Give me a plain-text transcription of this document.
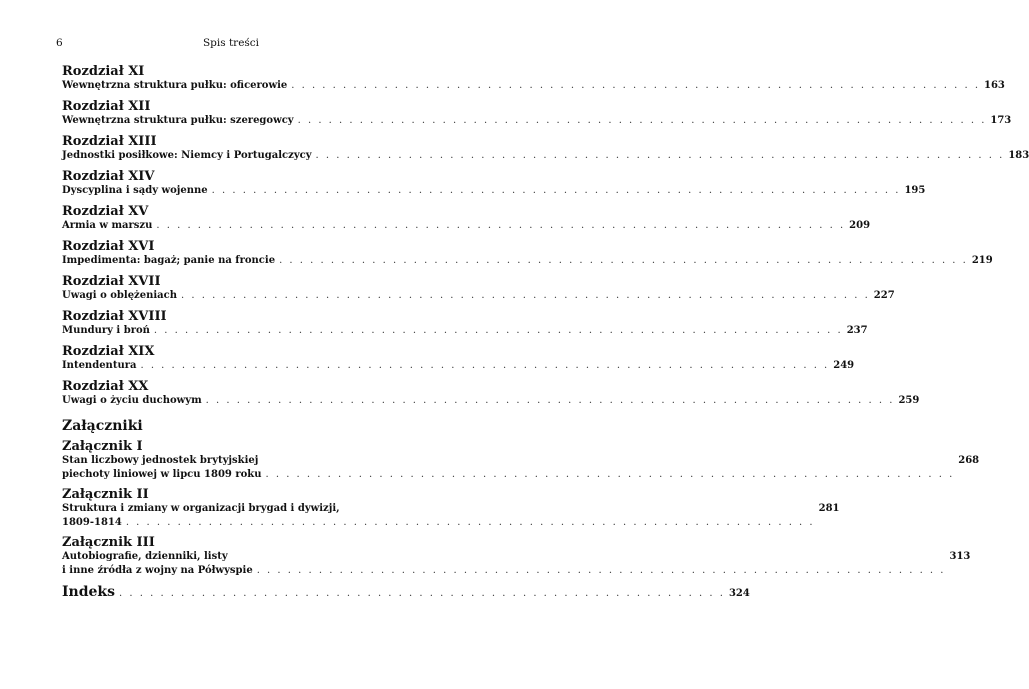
6	Spis treści
Rozdział XI
Wewnętrzna struktura pułku: oficerowie . . . . . . . . . . . . . . . . . . . . . . . . . . . . . . . . . . . . . . . . . . . . . . . . . . . . . . . . . . . . . . . . . . . 163
Rozdział XII
Wewnętrzna struktura pułku: szeregowcy . . . . . . . . . . . . . . . . . . . . . . . . . . . . . . . . . . . . . . . . . . . . . . . . . . . . . . . . . . . . . . . . . . . 173
Rozdział XIII
Jednostki posiłkowe: Niemcy i Portugalczycy . . . . . . . . . . . . . . . . . . . . . . . . . . . . . . . . . . . . . . . . . . . . . . . . . . . . . . . . . . . . . . . . . . . 183
Rozdział XIV
Dyscyplina i sądy wojenne . . . . . . . . . . . . . . . . . . . . . . . . . . . . . . . . . . . . . . . . . . . . . . . . . . . . . . . . . . . . . . . . . . . 195
Rozdział XV
Armia w marszu . . . . . . . . . . . . . . . . . . . . . . . . . . . . . . . . . . . . . . . . . . . . . . . . . . . . . . . . . . . . . . . . . . . 209
Rozdział XVI
Impedimenta: bagaż; panie na froncie . . . . . . . . . . . . . . . . . . . . . . . . . . . . . . . . . . . . . . . . . . . . . . . . . . . . . . . . . . . . . . . . . . . 219
Rozdział XVII
Uwagi o oblężeniach . . . . . . . . . . . . . . . . . . . . . . . . . . . . . . . . . . . . . . . . . . . . . . . . . . . . . . . . . . . . . . . . . . . 227
Rozdział XVIII
Mundury i broń . . . . . . . . . . . . . . . . . . . . . . . . . . . . . . . . . . . . . . . . . . . . . . . . . . . . . . . . . . . . . . . . . . . 237
Rozdział XIX
Intendentura . . . . . . . . . . . . . . . . . . . . . . . . . . . . . . . . . . . . . . . . . . . . . . . . . . . . . . . . . . . . . . . . . . . 249
Rozdział XX
Uwagi o życiu duchowym . . . . . . . . . . . . . . . . . . . . . . . . . . . . . . . . . . . . . . . . . . . . . . . . . . . . . . . . . . . . . . . . . . . 259
Załączniki
Załącznik I
Stan liczbowy jednostek brytyjskiej
piechoty liniowej w lipcu 1809 roku . . . . . . . . . . . . . . . . . . . . . . . . . . . . . . . . . . . . . . . . . . . . . . . . . . . . . . . . . . . . . . . . . . .
268
Załącznik II
Struktura i zmiany w organizacji brygad i dywizji,
1809-1814 . . . . . . . . . . . . . . . . . . . . . . . . . . . . . . . . . . . . . . . . . . . . . . . . . . . . . . . . . . . . . . . . . . .
281
Załącznik III
Autobiografie, dzienniki, listy
i inne źródła z wojny na Półwyspie . . . . . . . . . . . . . . . . . . . . . . . . . . . . . . . . . . . . . . . . . . . . . . . . . . . . . . . . . . . . . . . . . . .
313
Indeks . . . . . . . . . . . . . . . . . . . . . . . . . . . . . . . . . . . . . . . . . . . . . . . . . . . . . . . . . . . 324
